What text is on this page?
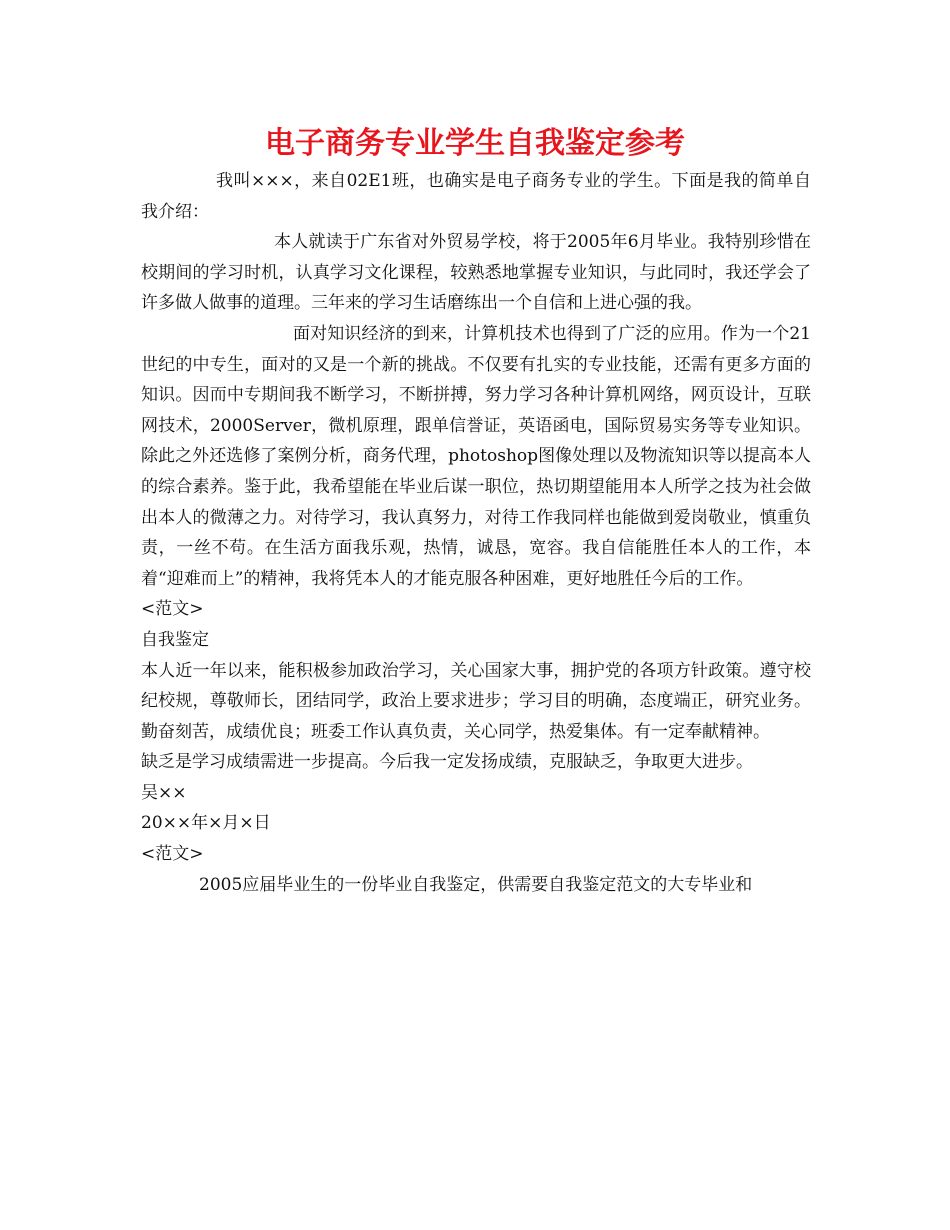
电子商务专业学生自我鉴定参考

我叫×××，来自02E1班，也确实是电子商务专业的学生。下面是我的简单自我介绍：

本人就读于广东省对外贸易学校，将于2005年6月毕业。我特别珍惜在校期间的学习时机，认真学习文化课程，较熟悉地掌握专业知识，与此同时，我还学会了许多做人做事的道理。三年来的学习生话磨练出一个自信和上进心强的我。

面对知识经济的到来，计算机技术也得到了广泛的应用。作为一个21世纪的中专生，面对的又是一个新的挑战。不仅要有扎实的专业技能，还需有更多方面的知识。因而中专期间我不断学习，不断拼搏，努力学习各种计算机网络，网页设计，互联网技术，2000Server，微机原理，跟单信誉证，英语函电，国际贸易实务等专业知识。除此之外还选修了案例分析，商务代理，photoshop图像处理以及物流知识等以提高本人的综合素养。鉴于此，我希望能在毕业后谋一职位，热切期望能用本人所学之技为社会做出本人的微薄之力。对待学习，我认真努力，对待工作我同样也能做到爱岗敬业，慎重负责，一丝不苟。在生活方面我乐观，热情，诚恳，宽容。我自信能胜任本人的工作，本着“迎难而上”的精神，我将凭本人的才能克服各种困难，更好地胜任今后的工作。

<范文>

自我鉴定

本人近一年以来，能积极参加政治学习，关心国家大事，拥护党的各项方针政策。遵守校纪校规，尊敬师长，团结同学，政治上要求进步；学习目的明确，态度端正，研究业务。勤奋刻苦，成绩优良；班委工作认真负责，关心同学，热爱集体。有一定奉献精神。

缺乏是学习成绩需进一步提高。今后我一定发扬成绩，克服缺乏，争取更大进步。

吴××

20××年×月×日

<范文>

2005应届毕业生的一份毕业自我鉴定，供需要自我鉴定范文的大专毕业和
